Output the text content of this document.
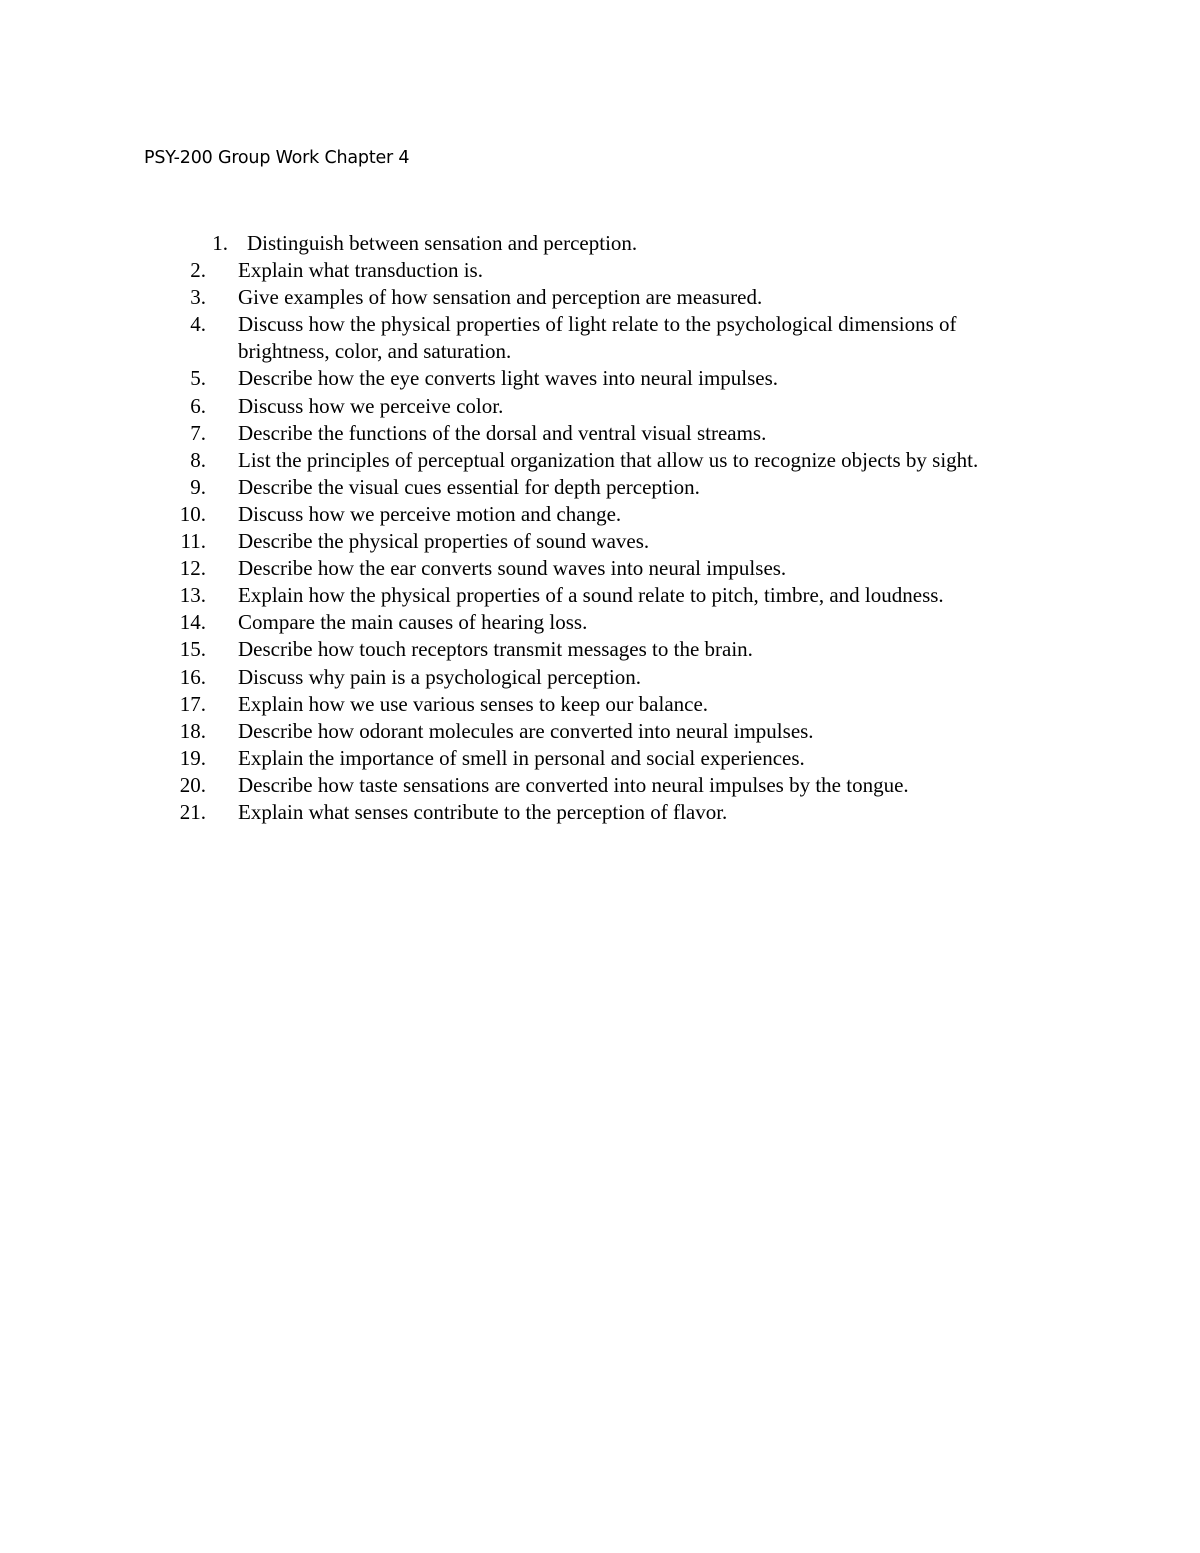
PSY-200 Group Work Chapter 4
1. Distinguish between sensation and perception.
2. Explain what transduction is.
3. Give examples of how sensation and perception are measured.
4. Discuss how the physical properties of light relate to the psychological dimensions of brightness, color, and saturation.
5. Describe how the eye converts light waves into neural impulses.
6. Discuss how we perceive color.
7. Describe the functions of the dorsal and ventral visual streams.
8. List the principles of perceptual organization that allow us to recognize objects by sight.
9. Describe the visual cues essential for depth perception.
10. Discuss how we perceive motion and change.
11. Describe the physical properties of sound waves.
12. Describe how the ear converts sound waves into neural impulses.
13. Explain how the physical properties of a sound relate to pitch, timbre, and loudness.
14. Compare the main causes of hearing loss.
15. Describe how touch receptors transmit messages to the brain.
16. Discuss why pain is a psychological perception.
17. Explain how we use various senses to keep our balance.
18. Describe how odorant molecules are converted into neural impulses.
19. Explain the importance of smell in personal and social experiences.
20. Describe how taste sensations are converted into neural impulses by the tongue.
21. Explain what senses contribute to the perception of flavor.
